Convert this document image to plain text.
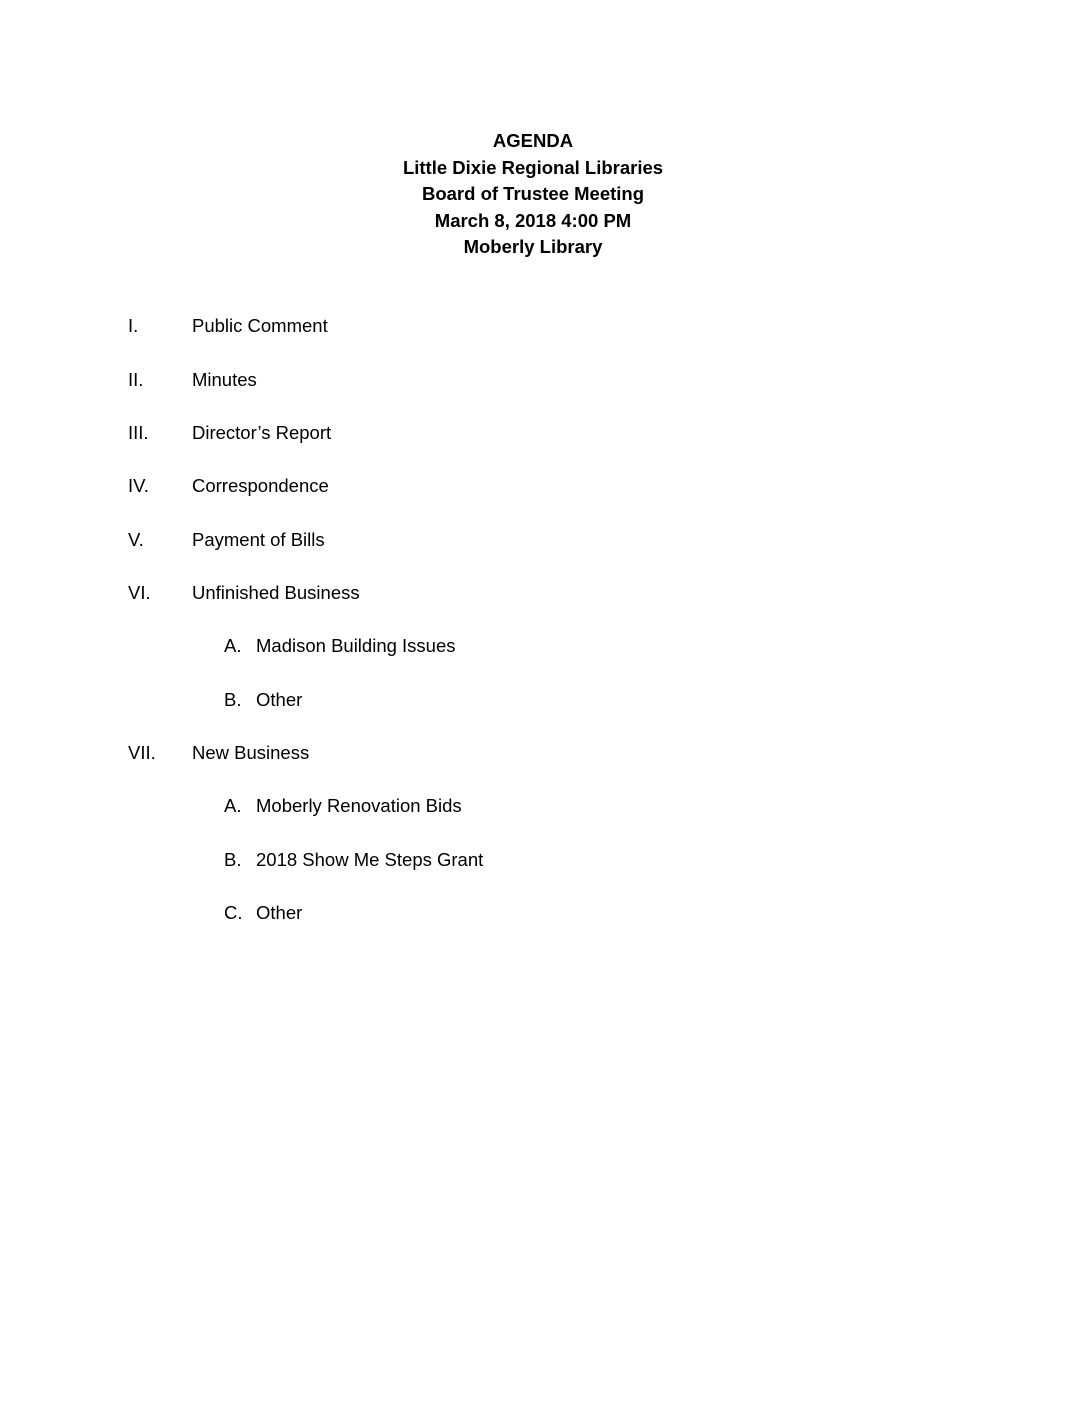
AGENDA
Little Dixie Regional Libraries
Board of Trustee Meeting
March 8, 2018 4:00 PM
Moberly Library
I.	Public Comment
II.	Minutes
III. Director’s Report
IV. Correspondence
V.	Payment of Bills
VI. Unfinished Business
A. Madison Building Issues
B. Other
VII. New Business
A. Moberly Renovation Bids
B. 2018 Show Me Steps Grant
C. Other
